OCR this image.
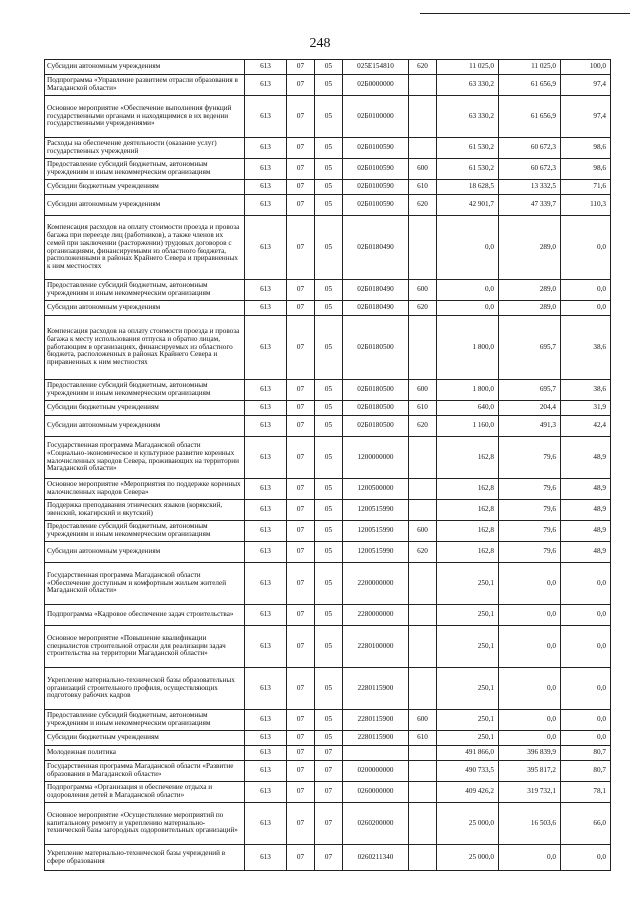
248
Субсидии автономным учреждениям	613	07	05	025Е154810	620	11 025,0	11 025,0	100,0
Подпрограмма «Управление развитием отрасли образования в Магаданской области»	613	07	05	02Б0000000		63 330,2	61 656,9	97,4
Основное мероприятие «Обеспечение выполнения функций государственными органами и находящимися в их ведении государственными учреждениями»	613	07	05	02Б0100000		63 330,2	61 656,9	97,4
Расходы на обеспечение деятельности (оказание услуг) государственных учреждений	613	07	05	02Б0100590		61 530,2	60 672,3	98,6
Предоставление субсидий бюджетным, автономным учреждениям и иным некоммерческим организациям	613	07	05	02Б0100590	600	61 530,2	60 672,3	98,6
Субсидии бюджетным учреждениям	613	07	05	02Б0100590	610	18 628,5	13 332,5	71,6
Субсидии автономным учреждениям	613	07	05	02Б0100590	620	42 901,7	47 339,7	110,3
Компенсация расходов на оплату стоимости проезда и провоза багажа при переезде лиц (работников), а также членов их семей при заключении (расторжении) трудовых договоров с организациями, финансируемыми из областного бюджета, расположенными в районах Крайнего Севера и приравненных к ним местностях	613	07	05	02Б0180490		0,0	289,0	0,0
Предоставление субсидий бюджетным, автономным учреждениям и иным некоммерческим организациям	613	07	05	02Б0180490	600	0,0	289,0	0,0
Субсидии автономным учреждениям	613	07	05	02Б0180490	620	0,0	289,0	0,0
Компенсация расходов на оплату стоимости проезда и провоза багажа к месту использования отпуска и обратно лицам, работающим в организациях, финансируемых из областного бюджета, расположенных в районах Крайнего Севера и приравненных к ним местностях	613	07	05	02Б0180500		1 800,0	695,7	38,6
Предоставление субсидий бюджетным, автономным учреждениям и иным некоммерческим организациям	613	07	05	02Б0180500	600	1 800,0	695,7	38,6
Субсидии бюджетным учреждениям	613	07	05	02Б0180500	610	640,0	204,4	31,9
Субсидии автономным учреждениям	613	07	05	02Б0180500	620	1 160,0	491,3	42,4
Государственная программа Магаданской области «Социально-экономическое и культурное развитие коренных малочисленных народов Севера, проживающих на территории Магаданской области»	613	07	05	1200000000		162,8	79,6	48,9
Основное мероприятие «Мероприятия по поддержке коренных малочисленных народов Севера»	613	07	05	1200500000		162,8	79,6	48,9
Поддержка преподавания этнических языков (корякский, эвенский, юкагирский и якутский)	613	07	05	1200515990		162,8	79,6	48,9
Предоставление субсидий бюджетным, автономным учреждениям и иным некоммерческим организациям	613	07	05	1200515990	600	162,8	79,6	48,9
Субсидии автономным учреждениям	613	07	05	1200515990	620	162,8	79,6	48,9
Государственная программа Магаданской области «Обеспечение доступным и комфортным жильем жителей Магаданской области»	613	07	05	2200000000		250,1	0,0	0,0
Подпрограмма «Кадровое обеспечение задач строительства»	613	07	05	2280000000		250,1	0,0	0,0
Основное мероприятие «Повышение квалификации специалистов строительной отрасли для реализации задач строительства на территории Магаданской области»	613	07	05	2280100000		250,1	0,0	0,0
Укрепление материально-технической базы образовательных организаций строительного профиля, осуществляющих подготовку рабочих кадров	613	07	05	2280115900		250,1	0,0	0,0
Предоставление субсидий бюджетным, автономным учреждениям и иным некоммерческим организациям	613	07	05	2280115900	600	250,1	0,0	0,0
Субсидии бюджетным учреждениям	613	07	05	2280115900	610	250,1	0,0	0,0
Молодежная политика	613	07	07			491 866,0	396 839,9	80,7
Государственная программа Магаданской области «Развитие образования в Магаданской области»	613	07	07	0200000000		490 733,5	395 817,2	80,7
Подпрограмма «Организация и обеспечение отдыха и оздоровления детей в Магаданской области»	613	07	07	0260000000		409 426,2	319 732,1	78,1
Основное мероприятие «Осуществление мероприятий по капитальному ремонту и укреплению материально-технической базы загородных оздоровительных организаций»	613	07	07	0260200000		25 000,0	16 503,6	66,0
Укрепление материально-технической базы учреждений в сфере образования	613	07	07	0260211340		25 000,0	0,0	0,0
